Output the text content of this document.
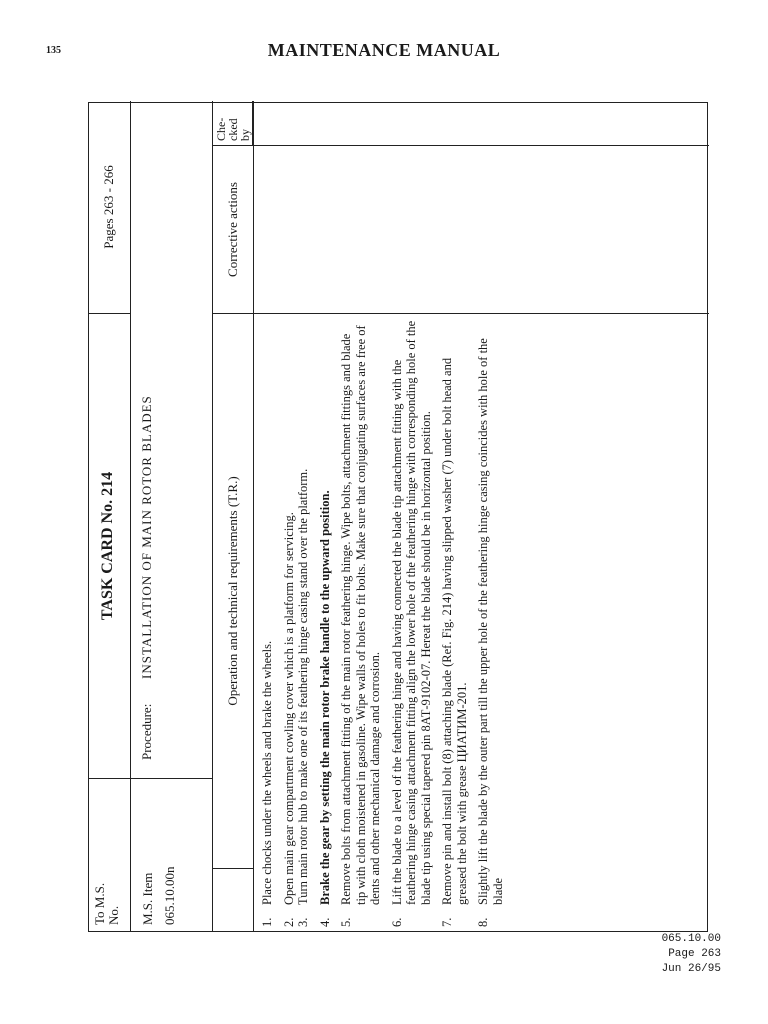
135	MAINTENANCE MANUAL
To M.S. No.
TASK CARD No. 214
Pages 263 - 266
M.S. Item 065.10.00n
Procedure:
INSTALLATION OF MAIN ROTOR BLADES	Operation and technical requirements (T.R.)
Corrective actions
Che-
cked
by
1.
Place chocks under the wheels and brake the wheels.
2.
Open main gear compartment cowling cover which is a platform for servicing.
3.
Turn main rotor hub to make one of its feathering hinge casing stand over the platform.
4.
Brake the gear by setting the main rotor brake handle to the upward position.
5.
Remove bolts from attachment fitting of the main rotor feathering hinge. Wipe bolts, attachment fittings and blade tip with cloth moistened in gasoline. Wipe walls of holes to fit bolts. Make sure that conjugating surfaces are free of dents and other mechanical damage and corrosion.
6.
Lift the blade to a level of the feathering hinge and having connected the blade tip attachment fitting with the feathering hinge casing attachment fitting align the lower hole of the feathering hinge with corresponding hole of the blade tip using special tapered pin 8АТ-9102-07. Hereat the blade should be in horizontal position.
7.
Remove pin and install bolt (8) attaching blade (Ref. Fig. 214) having slipped washer (7) under bolt head and greased the bolt with grease ЦИАТИМ-201.
8.
Slightly lift the blade by the outer part till the upper hole of the feathering hinge casing coincides with hole of the blade
065.10.00
Page 263
Jun 26/95
